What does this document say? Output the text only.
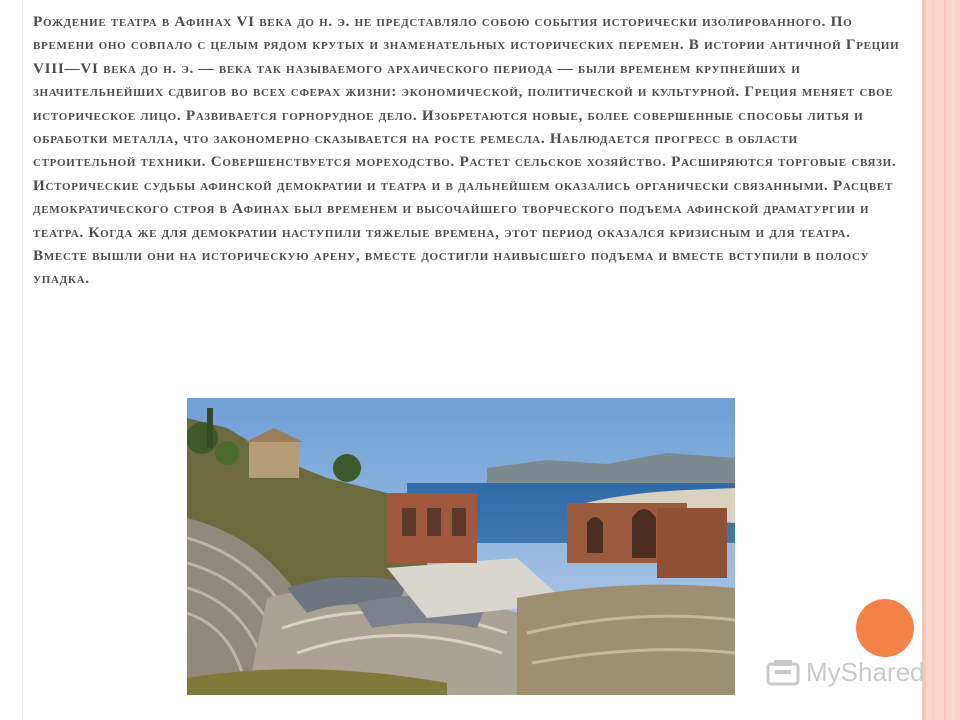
Рождение театра в Афинах VI века до н. э. не представляло собою события исторически изолированного. По времени оно совпало с целым рядом крутых и знаменательных исторических перемен. В истории античной Греции VIII—VI века до н. э. — века так называемого архаического периода — были временем крупнейших и значительнейших сдвигов во всех сферах жизни: экономической, политической и культурной. Греция меняет свое историческое лицо. Развивается горнорудное дело. Изобретаются новые, более совершенные способы литья и обработки металла, что закономерно сказывается на росте ремесла. Наблюдается прогресс в области строительной техники. Совершенствуется мореходство. Растет сельское хозяйство. Расширяются торговые связи. Исторические судьбы афинской демократии и театра и в дальнейшем оказались органически связанными. Расцвет демократического строя в Афинах был временем и высочайшего творческого подъема афинской драматургии и театра. Когда же для демократии наступили тяжелые времена, этот период оказался кризисным и для театра. Вместе вышли они на историческую арену, вместе достигли наивысшего подъема и вместе вступили в полосу упадка.
MyShared
